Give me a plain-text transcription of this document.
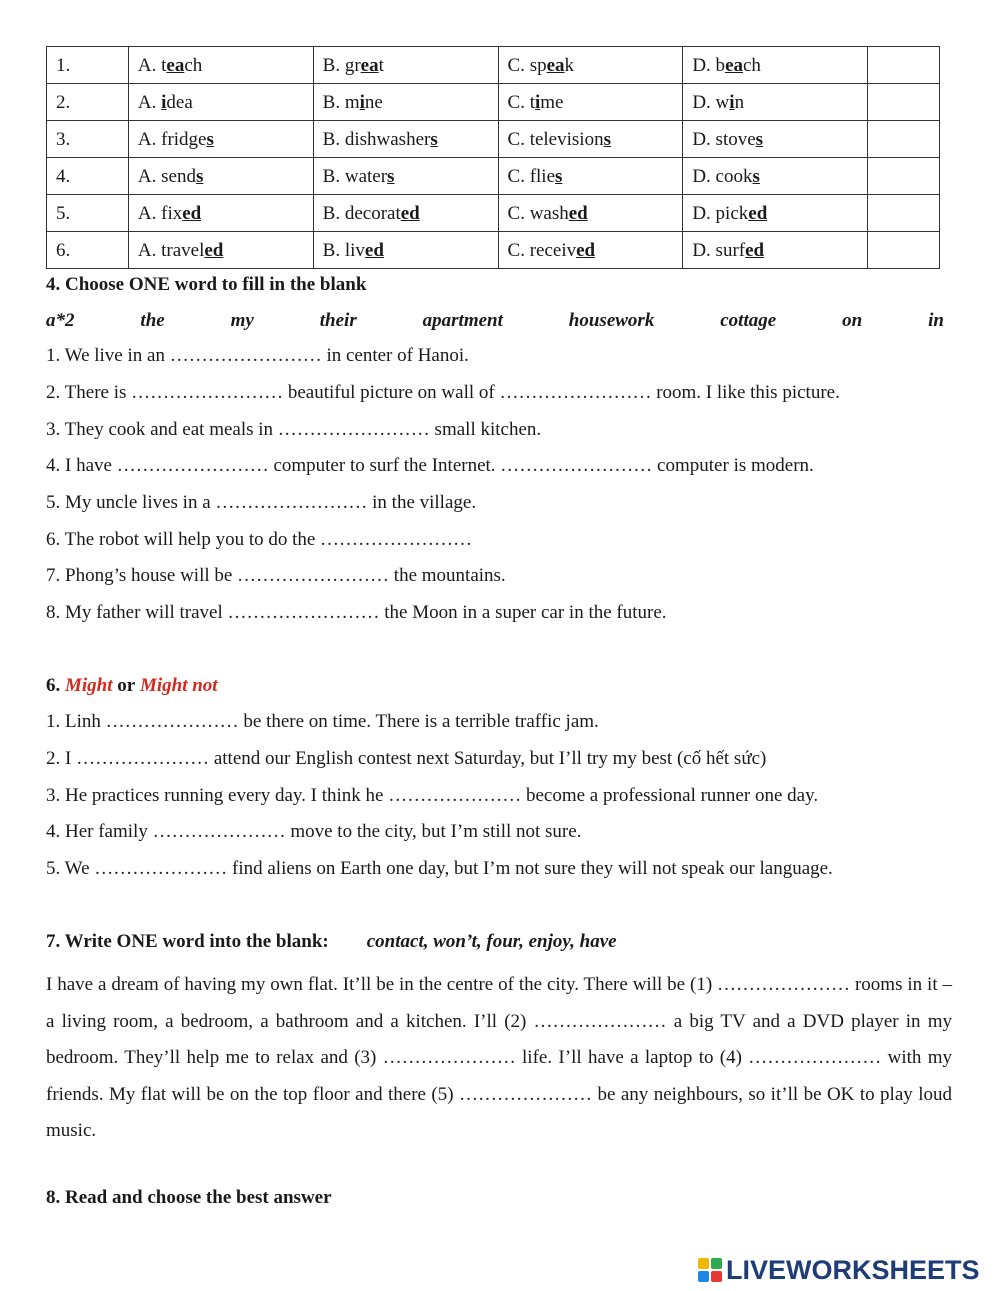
1.	A. teach	B. great	C. speak	D. beach	
2.	A. idea	B. mine	C. time	D. win	
3.	A. fridges	B. dishwashers	C. televisions	D. stoves	
4.	A. sends	B. waters	C. flies	D. cooks	
5.	A. fixed	B. decorated	C. washed	D. picked	
6.	A. traveled	B. lived	C. received	D. surfed	
4. Choose ONE word to fill in the blank
a*2	the	my	their	apartment	housework	cottage	on	in
1. We live in an …………………… in center of Hanoi.
2. There is …………………… beautiful picture on wall of …………………… room. I like this picture.
3. They cook and eat meals in …………………… small kitchen.
4. I have …………………… computer to surf the Internet. …………………… computer is modern.
5. My uncle lives in a …………………… in the village.
6. The robot will help you to do the ……………………
7. Phong’s house will be …………………… the mountains.
8. My father will travel …………………… the Moon in a super car in the future.
6. Might or Might not
1. Linh ………………… be there on time. There is a terrible traffic jam.
2. I ………………… attend our English contest next Saturday, but I’ll try my best (cố hết sức)
3. He practices running every day. I think he ………………… become a professional runner one day.
4. Her family ………………… move to the city, but I’m still not sure.
5. We ………………… find aliens on Earth one day, but I’m not sure they will not speak our language.
7. Write ONE word into the blank: contact, won’t, four, enjoy, have
I have a dream of having my own flat. It’ll be in the centre of the city. There will be (1) ………………… rooms in it – a living room, a bedroom, a bathroom and a kitchen. I’ll (2) ………………… a big TV and a DVD player in my bedroom. They’ll help me to relax and (3) ………………… life. I’ll have a laptop to (4) ………………… with my friends. My flat will be on the top floor and there (5) ………………… be any neighbours, so it’ll be OK to play loud music.
8. Read and choose the best answer
LIVEWORKSHEETS
